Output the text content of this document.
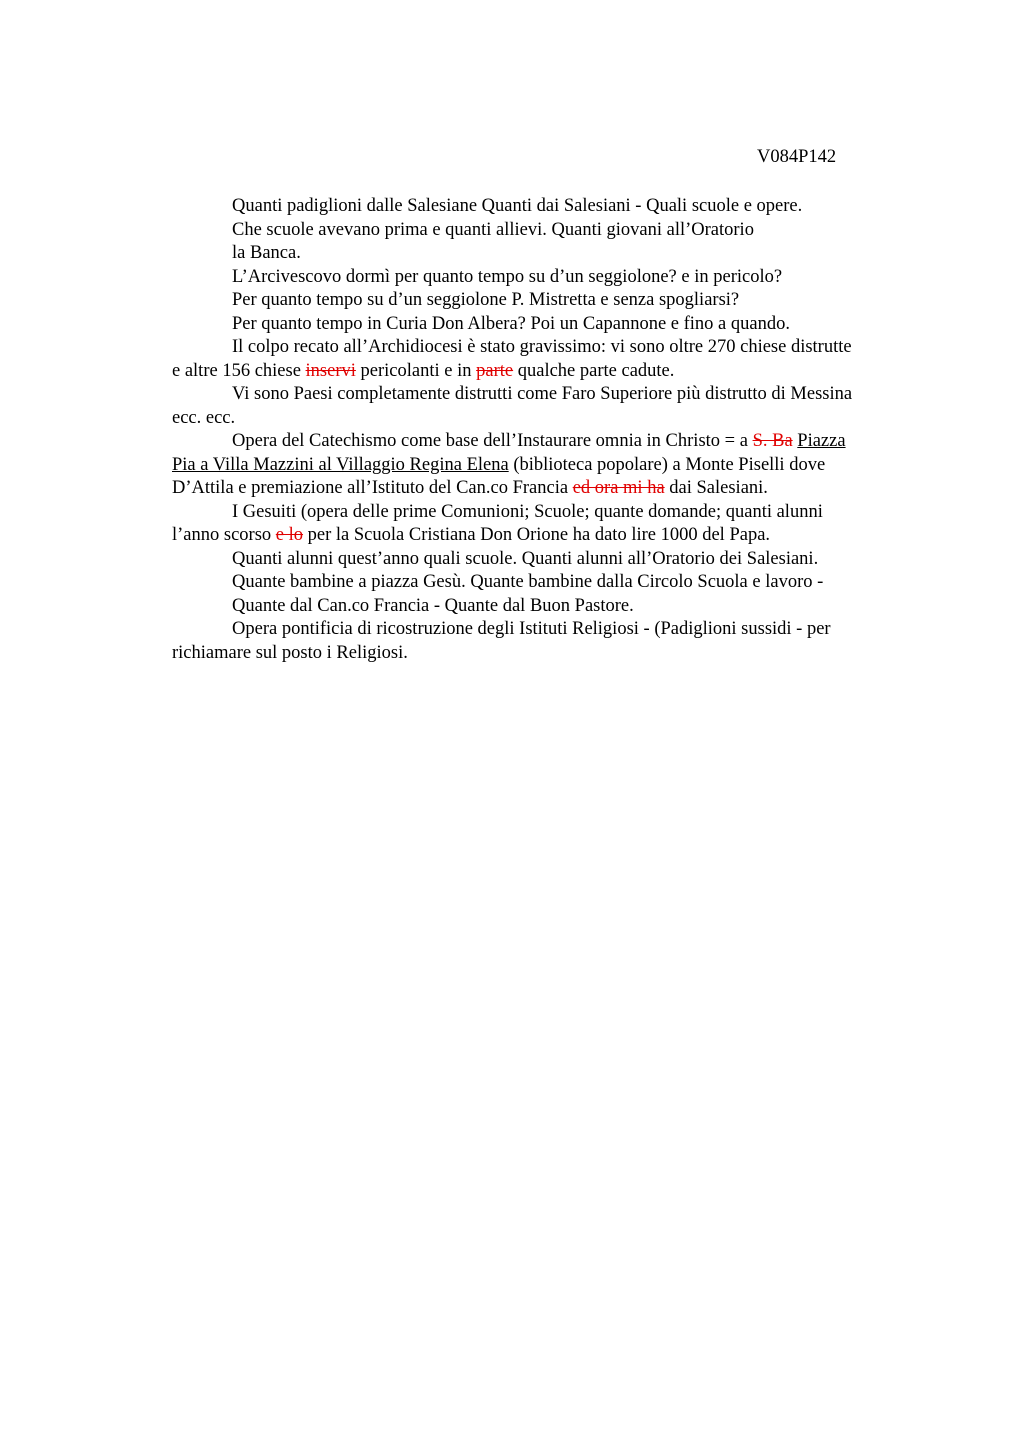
V084P142

Quanti padiglioni dalle Salesiane Quanti dai Salesiani - Quali scuole e opere.

Che scuole avevano prima e quanti allievi. Quanti giovani all’Oratorio

la Banca.

L’Arcivescovo dormì per quanto tempo su d’un seggiolone? e in pericolo?

Per quanto tempo su d’un seggiolone P. Mistretta e senza spogliarsi?

Per quanto tempo in Curia Don Albera? Poi un Capannone e fino a quando.

Il colpo recato all’Archidiocesi è stato gravissimo: vi sono oltre 270 chiese distrutte

e altre 156 chiese inservi pericolanti e in parte qualche parte cadute.

Vi sono Paesi completamente distrutti come Faro Superiore più distrutto di Messina

ecc. ecc.

Opera del Catechismo come base dell’Instaurare omnia in Christo = a S. Ba Piazza

Pia a Villa Mazzini al Villaggio Regina Elena (biblioteca popolare) a Monte Piselli dove

D’Attila e premiazione all’Istituto del Can.co Francia ed ora mi ha dai Salesiani.

I Gesuiti (opera delle prime Comunioni; Scuole; quante domande; quanti alunni

l’anno scorso e lo per la Scuola Cristiana Don Orione ha dato lire 1000 del Papa.

Quanti alunni quest’anno quali scuole. Quanti alunni all’Oratorio dei Salesiani.

Quante bambine a piazza Gesù. Quante bambine dalla Circolo Scuola e lavoro -

Quante dal Can.co Francia - Quante dal Buon Pastore.

Opera pontificia di ricostruzione degli Istituti Religiosi - (Padiglioni sussidi - per

richiamare sul posto i Religiosi.
